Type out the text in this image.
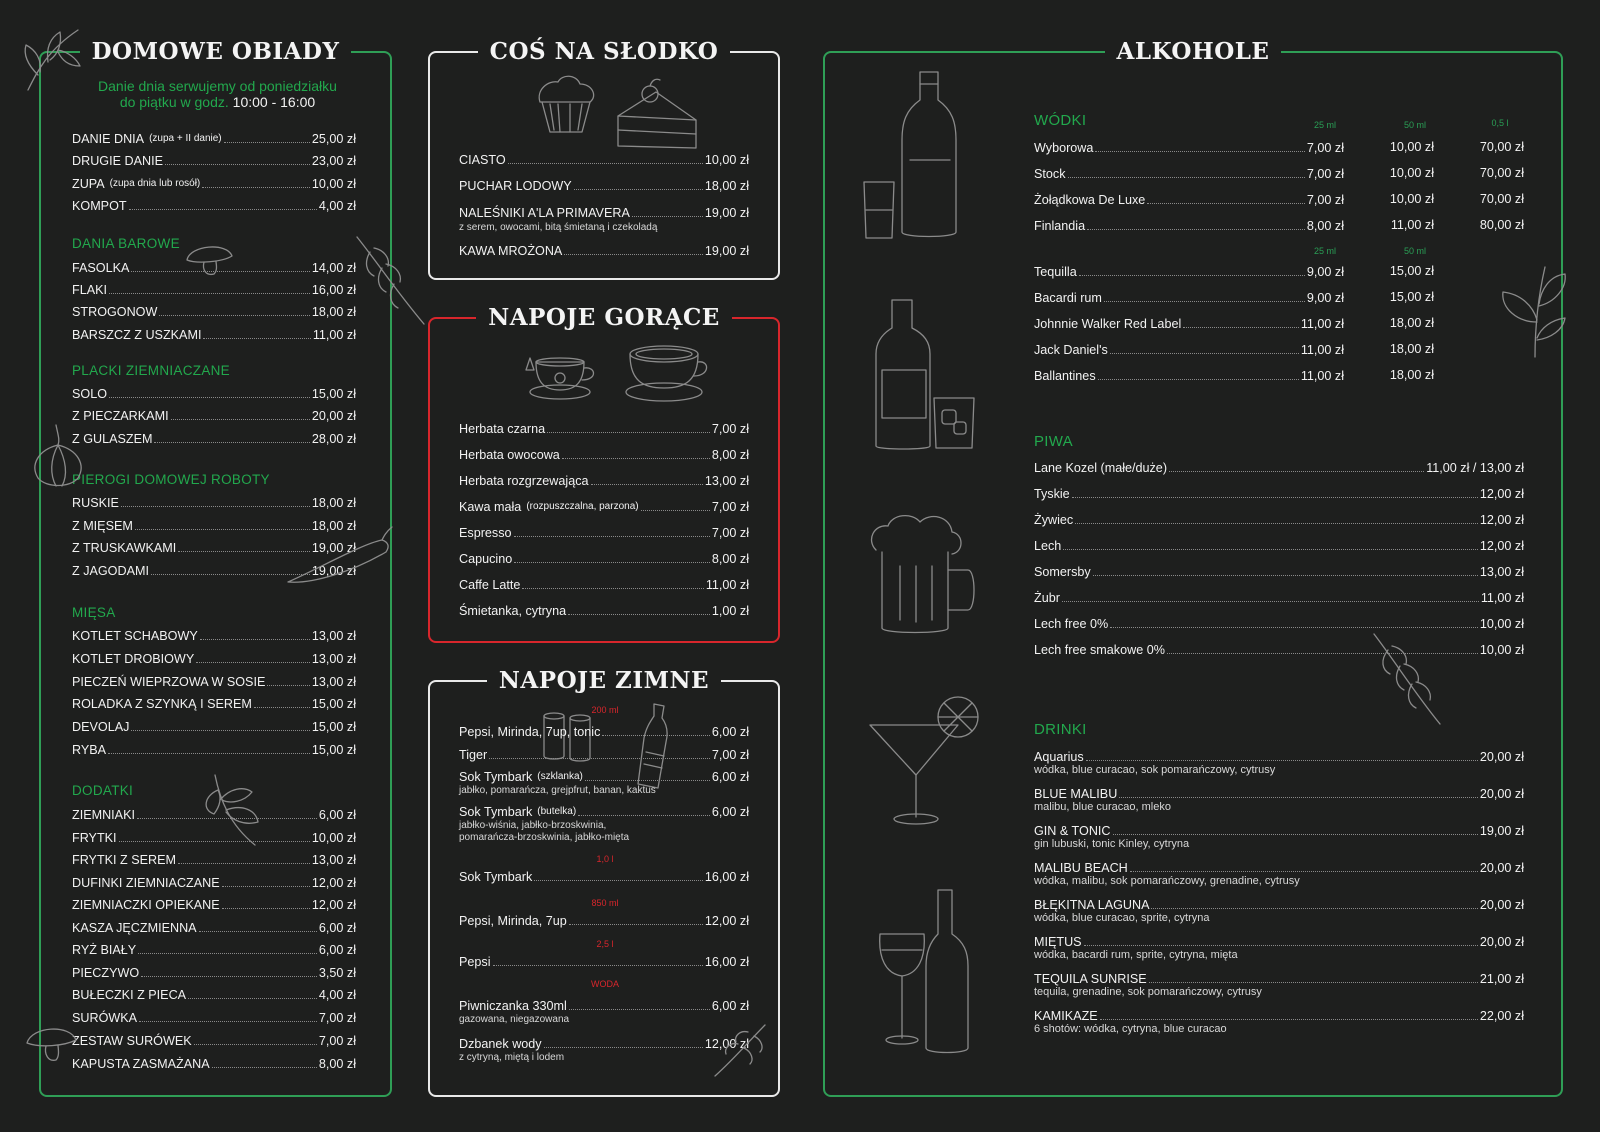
DOMOWE OBIADY
Danie dnia serwujemy od poniedziałku
do piątku w godz. 10:00 - 16:00
DANIE DNIA (zupa + II danie)	25,00 zł
DRUGIE DANIE	23,00 zł
ZUPA (zupa dnia lub rosół)	10,00 zł
KOMPOT	4,00 zł
DANIA BAROWE
FASOLKA	14,00 zł
FLAKI	16,00 zł
STROGONOW	18,00 zł
BARSZCZ Z USZKAMI	11,00 zł
PLACKI ZIEMNIACZANE
SOLO	15,00 zł
Z PIECZARKAMI	20,00 zł
Z GULASZEM	28,00 zł
PIEROGI DOMOWEJ ROBOTY
RUSKIE	18,00 zł
Z MIĘSEM	18,00 zł
Z TRUSKAWKAMI	19,00 zł
Z JAGODAMI	19,00 zł
MIĘSA
KOTLET SCHABOWY	13,00 zł
KOTLET DROBIOWY	13,00 zł
PIECZEŃ WIEPRZOWA W SOSIE	13,00 zł
ROLADKA Z SZYNKĄ I SEREM	15,00 zł
DEVOLAJ	15,00 zł
RYBA	15,00 zł
DODATKI
ZIEMNIAKI	6,00 zł
FRYTKI	10,00 zł
FRYTKI Z SEREM	13,00 zł
DUFINKI ZIEMNIACZANE	12,00 zł
ZIEMNIACZKI OPIEKANE	12,00 zł
KASZA JĘCZMIENNA	6,00 zł
RYŻ BIAŁY	6,00 zł
PIECZYWO	3,50 zł
BUŁECZKI Z PIECA	4,00 zł
SURÓWKA	7,00 zł
ZESTAW SURÓWEK	7,00 zł
KAPUSTA ZASMAŻANA	8,00 zł
COŚ NA SŁODKO
CIASTO	10,00 zł
PUCHAR LODOWY	18,00 zł
NALEŚNIKI A'LA PRIMAVERA	19,00 zł
z serem, owocami, bitą śmietaną i czekoladą
KAWA MROŻONA	19,00 zł
NAPOJE GORĄCE
Herbata czarna	7,00 zł
Herbata owocowa	8,00 zł
Herbata rozgrzewająca	13,00 zł
Kawa mała (rozpuszczalna, parzona)	7,00 zł
Espresso	7,00 zł
Capucino	8,00 zł
Caffe Latte	11,00 zł
Śmietanka, cytryna	1,00 zł
NAPOJE ZIMNE
200 ml
Pepsi, Mirinda, 7up, tonic	6,00 zł
Tiger	7,00 zł
Sok Tymbark (szklanka)	6,00 zł
jabłko, pomarańcza, grejpfrut, banan, kaktus
Sok Tymbark (butelka)	6,00 zł
jabłko-wiśnia, jabłko-brzoskwinia,
pomarańcza-brzoskwinia, jabłko-mięta
1,0 l
Sok Tymbark	16,00 zł
850 ml
Pepsi, Mirinda, 7up	12,00 zł
2,5 l
Pepsi	16,00 zł
WODA
Piwniczanka 330ml	6,00 zł
gazowana, niegazowana
Dzbanek wody	12,00 zł
z cytryną, miętą i lodem
ALKOHOLE
WÓDKI	25 ml	50 ml	0,5 l
Wyborowa	7,00 zł	10,00 zł	70,00 zł
Stock	7,00 zł	10,00 zł	70,00 zł
Żołądkowa De Luxe	7,00 zł	10,00 zł	70,00 zł
Finlandia	8,00 zł	11,00 zł	80,00 zł
25 ml	50 ml
Tequilla	9,00 zł	15,00 zł
Bacardi rum	9,00 zł	15,00 zł
Johnnie Walker Red Label	11,00 zł	18,00 zł
Jack Daniel's	11,00 zł	18,00 zł
Ballantines	11,00 zł	18,00 zł
PIWA
Lane Kozel (małe/duże)	11,00 zł / 13,00 zł
Tyskie	12,00 zł
Żywiec	12,00 zł
Lech	12,00 zł
Somersby	13,00 zł
Żubr	11,00 zł
Lech free 0%	10,00 zł
Lech free smakowe 0%	10,00 zł
DRINKI
Aquarius	20,00 zł
wódka, blue curacao, sok pomarańczowy, cytrusy
BLUE MALIBU	20,00 zł
malibu, blue curacao, mleko
GIN & TONIC	19,00 zł
gin lubuski, tonic Kinley, cytryna
MALIBU BEACH	20,00 zł
wódka, malibu, sok pomarańczowy, grenadine, cytrusy
BŁĘKITNA LAGUNA	20,00 zł
wódka, blue curacao, sprite, cytryna
MIĘTUS	20,00 zł
wódka, bacardi rum, sprite, cytryna, mięta
TEQUILA SUNRISE	21,00 zł
tequila, grenadine, sok pomarańczowy, cytrusy
KAMIKAZE	22,00 zł
6 shotów: wódka, cytryna, blue curacao
